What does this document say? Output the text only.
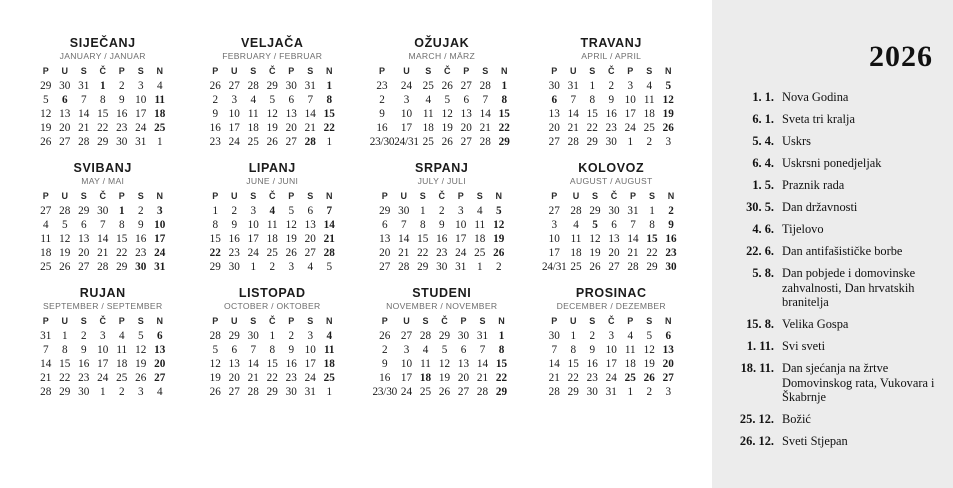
SIJEČANJ
JANUARY / JANUAR
P	U	S	Č	P	S	N
29	30	31	1	2	3	4
5	6	7	8	9	10	11
12	13	14	15	16	17	18
19	20	21	22	23	24	25
26	27	28	29	30	31	1
VELJAČA
FEBRUARY / FEBRUAR
P	U	S	Č	P	S	N
26	27	28	29	30	31	1
2	3	4	5	6	7	8
9	10	11	12	13	14	15
16	17	18	19	20	21	22
23	24	25	26	27	28	1
OŽUJAK
MARCH / MÄRZ
P	U	S	Č	P	S	N
23	24	25	26	27	28	1
2	3	4	5	6	7	8
9	10	11	12	13	14	15
16	17	18	19	20	21	22
23/30	24/31	25	26	27	28	29
TRAVANJ
APRIL / APRIL
P	U	S	Č	P	S	N
30	31	1	2	3	4	5
6	7	8	9	10	11	12
13	14	15	16	17	18	19
20	21	22	23	24	25	26
27	28	29	30	1	2	3
SVIBANJ
MAY / MAI
P	U	S	Č	P	S	N
27	28	29	30	1	2	3
4	5	6	7	8	9	10
11	12	13	14	15	16	17
18	19	20	21	22	23	24
25	26	27	28	29	30	31
LIPANJ
JUNE / JUNI
P	U	S	Č	P	S	N
1	2	3	4	5	6	7
8	9	10	11	12	13	14
15	16	17	18	19	20	21
22	23	24	25	26	27	28
29	30	1	2	3	4	5
SRPANJ
JULY / JULI
P	U	S	Č	P	S	N
29	30	1	2	3	4	5
6	7	8	9	10	11	12
13	14	15	16	17	18	19
20	21	22	23	24	25	26
27	28	29	30	31	1	2
KOLOVOZ
AUGUST / AUGUST
P	U	S	Č	P	S	N
27	28	29	30	31	1	2
3	4	5	6	7	8	9
10	11	12	13	14	15	16
17	18	19	20	21	22	23
24/31	25	26	27	28	29	30
RUJAN
SEPTEMBER / SEPTEMBER
P	U	S	Č	P	S	N
31	1	2	3	4	5	6
7	8	9	10	11	12	13
14	15	16	17	18	19	20
21	22	23	24	25	26	27
28	29	30	1	2	3	4
LISTOPAD
OCTOBER / OKTOBER
P	U	S	Č	P	S	N
28	29	30	1	2	3	4
5	6	7	8	9	10	11
12	13	14	15	16	17	18
19	20	21	22	23	24	25
26	27	28	29	30	31	1
STUDENI
NOVEMBER / NOVEMBER
P	U	S	Č	P	S	N
26	27	28	29	30	31	1
2	3	4	5	6	7	8
9	10	11	12	13	14	15
16	17	18	19	20	21	22
23/30	24	25	26	27	28	29
PROSINAC
DECEMBER / DEZEMBER
P	U	S	Č	P	S	N
30	1	2	3	4	5	6
7	8	9	10	11	12	13
14	15	16	17	18	19	20
21	22	23	24	25	26	27
28	29	30	31	1	2	3
2026
1. 1. Nova Godina
6. 1. Sveta tri kralja
5. 4. Uskrs
6. 4. Uskrsni ponedjeljak
1. 5. Praznik rada
30. 5. Dan državnosti
4. 6. Tijelovo
22. 6. Dan antifašističke borbe
5. 8. Dan pobjede i domovinske zahvalnosti, Dan hrvatskih branitelja
15. 8. Velika Gospa
1. 11. Svi sveti
18. 11. Dan sjećanja na žrtve Domovinskog rata, Vukovara i Škabrnje
25. 12. Božić
26. 12. Sveti Stjepan
